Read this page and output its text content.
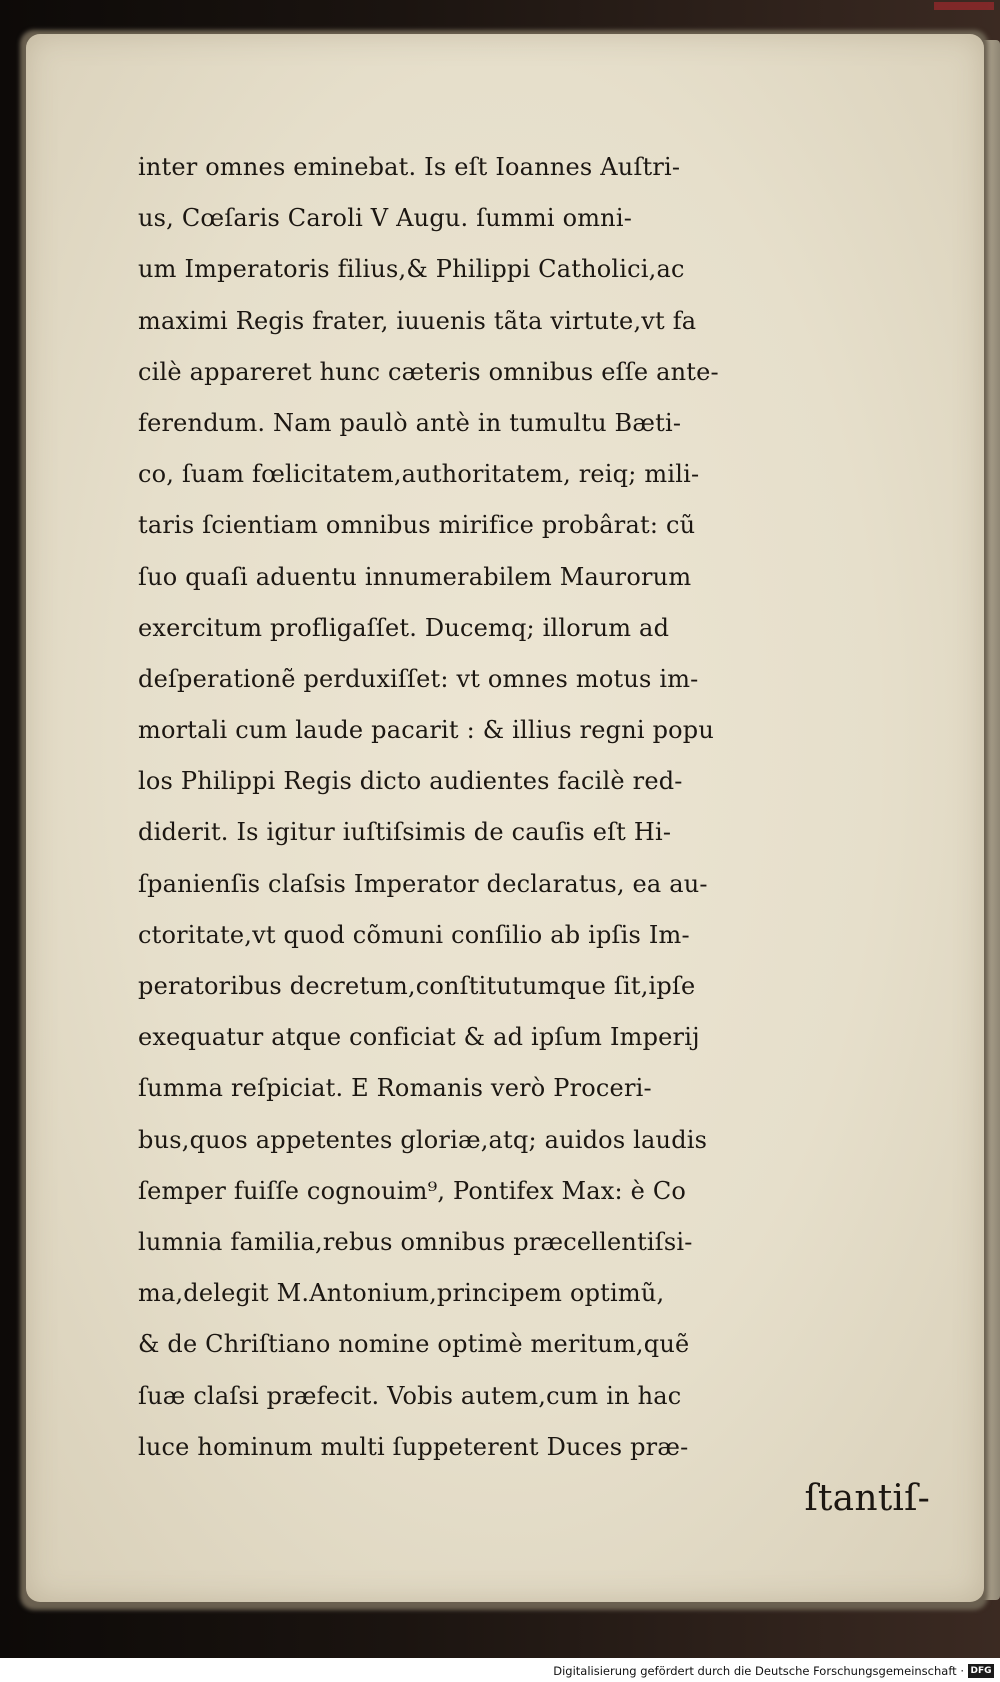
inter omnes eminebat. Is eſt Ioannes Auſtri-
us, Cœſaris Caroli V Augu. ſummi omni-
um Imperatoris filius,& Philippi Catholici,ac
maximi Regis frater, iuuenis tãta virtute,vt fa
cilè appareret hunc cæteris omnibus eſſe ante-
ferendum. Nam paulò antè in tumultu Bæti-
co, ſuam fœlicitatem,authoritatem, reiq; mili-
taris ſcientiam omnibus mirifice probârat: cũ
ſuo quaſi aduentu innumerabilem Maurorum
exercitum profligaſſet. Ducemq; illorum ad
deſperationẽ perduxiſſet: vt omnes motus im-
mortali cum laude pacarit : & illius regni popu
los Philippi Regis dicto audientes facilè red-
diderit. Is igitur iuſtiſsimis de cauſis eſt Hi-
ſpanienſis claſsis Imperator declaratus, ea au-
ctoritate,vt quod cõmuni conſilio ab ipſis Im-
peratoribus decretum,conſtitutumque ſit,ipſe
exequatur atque conficiat & ad ipſum Imperij
ſumma reſpiciat. E Romanis verò Proceri-
bus,quos appetentes gloriæ,atq; auidos laudis
ſemper fuiſſe cognouim⁹, Pontifex Max: è Co
lumnia familia,rebus omnibus præcellentiſsi-
ma,delegit M.Antonium,principem optimũ,
& de Chriſtiano nomine optimè meritum,quẽ
ſuæ claſsi præfecit. Vobis autem,cum in hac
luce hominum multi ſuppeterent Duces præ-
ſtantiſ-
Digitalisierung gefördert durch die Deutsche Forschungsgemeinschaft · DFG
